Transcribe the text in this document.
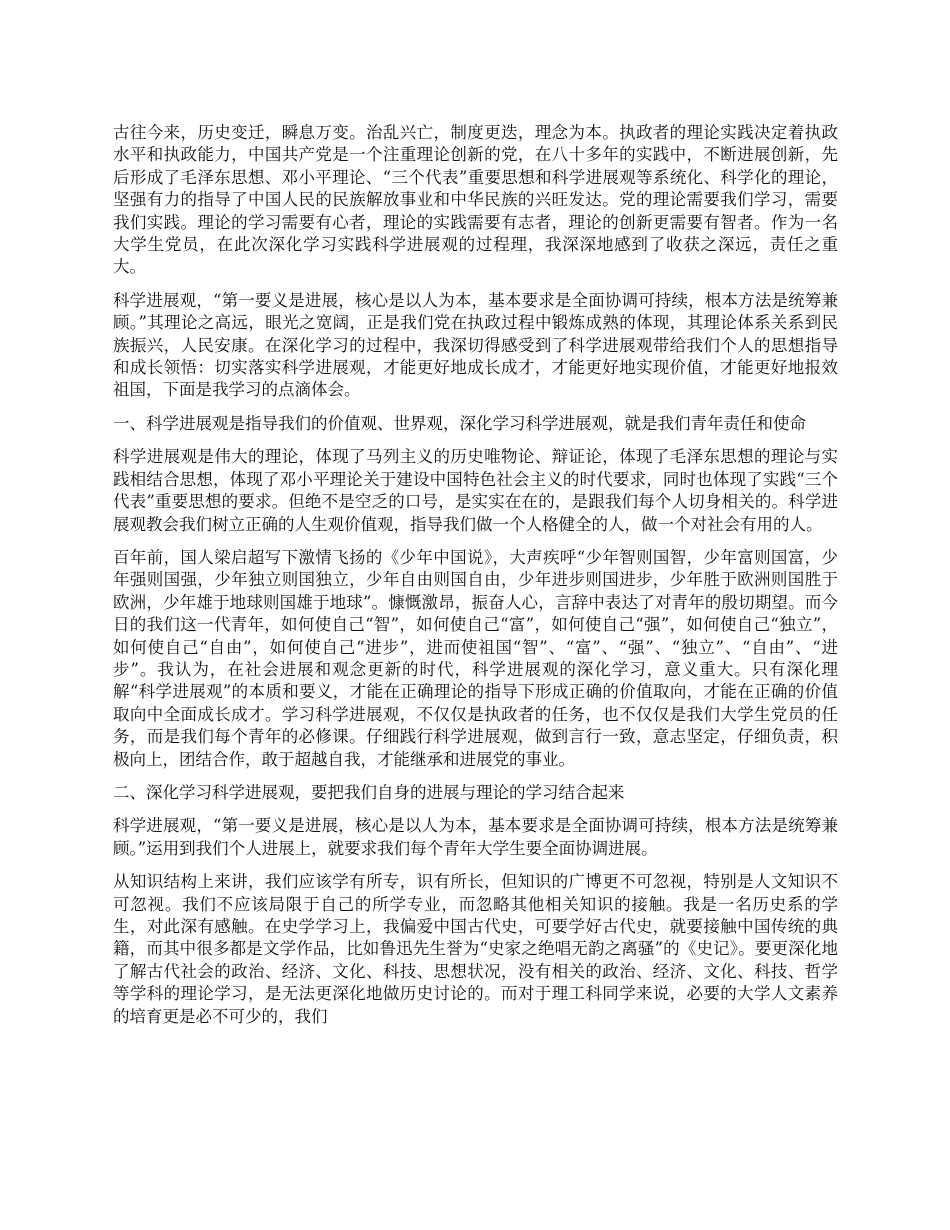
古往今来，历史变迁，瞬息万变。治乱兴亡，制度更迭，理念为本。执政者的理论实践决定着执政水平和执政能力，中国共产党是一个注重理论创新的党，在八十多年的实践中，不断进展创新，先后形成了毛泽东思想、邓小平理论、“三个代表”重要思想和科学进展观等系统化、科学化的理论，坚强有力的指导了中国人民的民族解放事业和中华民族的兴旺发达。党的理论需要我们学习，需要我们实践。理论的学习需要有心者，理论的实践需要有志者，理论的创新更需要有智者。作为一名大学生党员，在此次深化学习实践科学进展观的过程理，我深深地感到了收获之深远，责任之重大。

科学进展观，“第一要义是进展，核心是以人为本，基本要求是全面协调可持续，根本方法是统筹兼顾。”其理论之高远，眼光之宽阔，正是我们党在执政过程中锻炼成熟的体现，其理论体系关系到民族振兴，人民安康。在深化学习的过程中，我深切得感受到了科学进展观带给我们个人的思想指导和成长领悟：切实落实科学进展观，才能更好地成长成才，才能更好地实现价值，才能更好地报效祖国，下面是我学习的点滴体会。

一、科学进展观是指导我们的价值观、世界观，深化学习科学进展观，就是我们青年责任和使命

科学进展观是伟大的理论，体现了马列主义的历史唯物论、辩证论，体现了毛泽东思想的理论与实践相结合思想，体现了邓小平理论关于建设中国特色社会主义的时代要求，同时也体现了实践“三个代表”重要思想的要求。但绝不是空乏的口号，是实实在在的，是跟我们每个人切身相关的。科学进展观教会我们树立正确的人生观价值观，指导我们做一个人格健全的人，做一个对社会有用的人。

百年前，国人梁启超写下激情飞扬的《少年中国说》，大声疾呼“少年智则国智，少年富则国富，少年强则国强，少年独立则国独立，少年自由则国自由，少年进步则国进步，少年胜于欧洲则国胜于欧洲，少年雄于地球则国雄于地球”。慷慨激昂，振奋人心，言辞中表达了对青年的殷切期望。而今日的我们这一代青年，如何使自己“智”，如何使自己“富”，如何使自己“强”，如何使自己“独立”，如何使自己“自由”，如何使自己“进步”，进而使祖国“智”、“富”、“强”、“独立”、“自由”、“进步”。我认为，在社会进展和观念更新的时代，科学进展观的深化学习，意义重大。只有深化理解“科学进展观”的本质和要义，才能在正确理论的指导下形成正确的价值取向，才能在正确的价值取向中全面成长成才。学习科学进展观，不仅仅是执政者的任务，也不仅仅是我们大学生党员的任务，而是我们每个青年的必修课。仔细践行科学进展观，做到言行一致，意志坚定，仔细负责，积极向上，团结合作，敢于超越自我，才能继承和进展党的事业。

二、深化学习科学进展观，要把我们自身的进展与理论的学习结合起来

科学进展观，“第一要义是进展，核心是以人为本，基本要求是全面协调可持续，根本方法是统筹兼顾。”运用到我们个人进展上，就要求我们每个青年大学生要全面协调进展。

从知识结构上来讲，我们应该学有所专，识有所长，但知识的广博更不可忽视，特别是人文知识不可忽视。我们不应该局限于自己的所学专业，而忽略其他相关知识的接触。我是一名历史系的学生，对此深有感触。在史学学习上，我偏爱中国古代史，可要学好古代史，就要接触中国传统的典籍，而其中很多都是文学作品，比如鲁迅先生誉为“史家之绝唱无韵之离骚”的《史记》。要更深化地了解古代社会的政治、经济、文化、科技、思想状况，没有相关的政治、经济、文化、科技、哲学等学科的理论学习，是无法更深化地做历史讨论的。而对于理工科同学来说，必要的大学人文素养的培育更是必不可少的，我们
